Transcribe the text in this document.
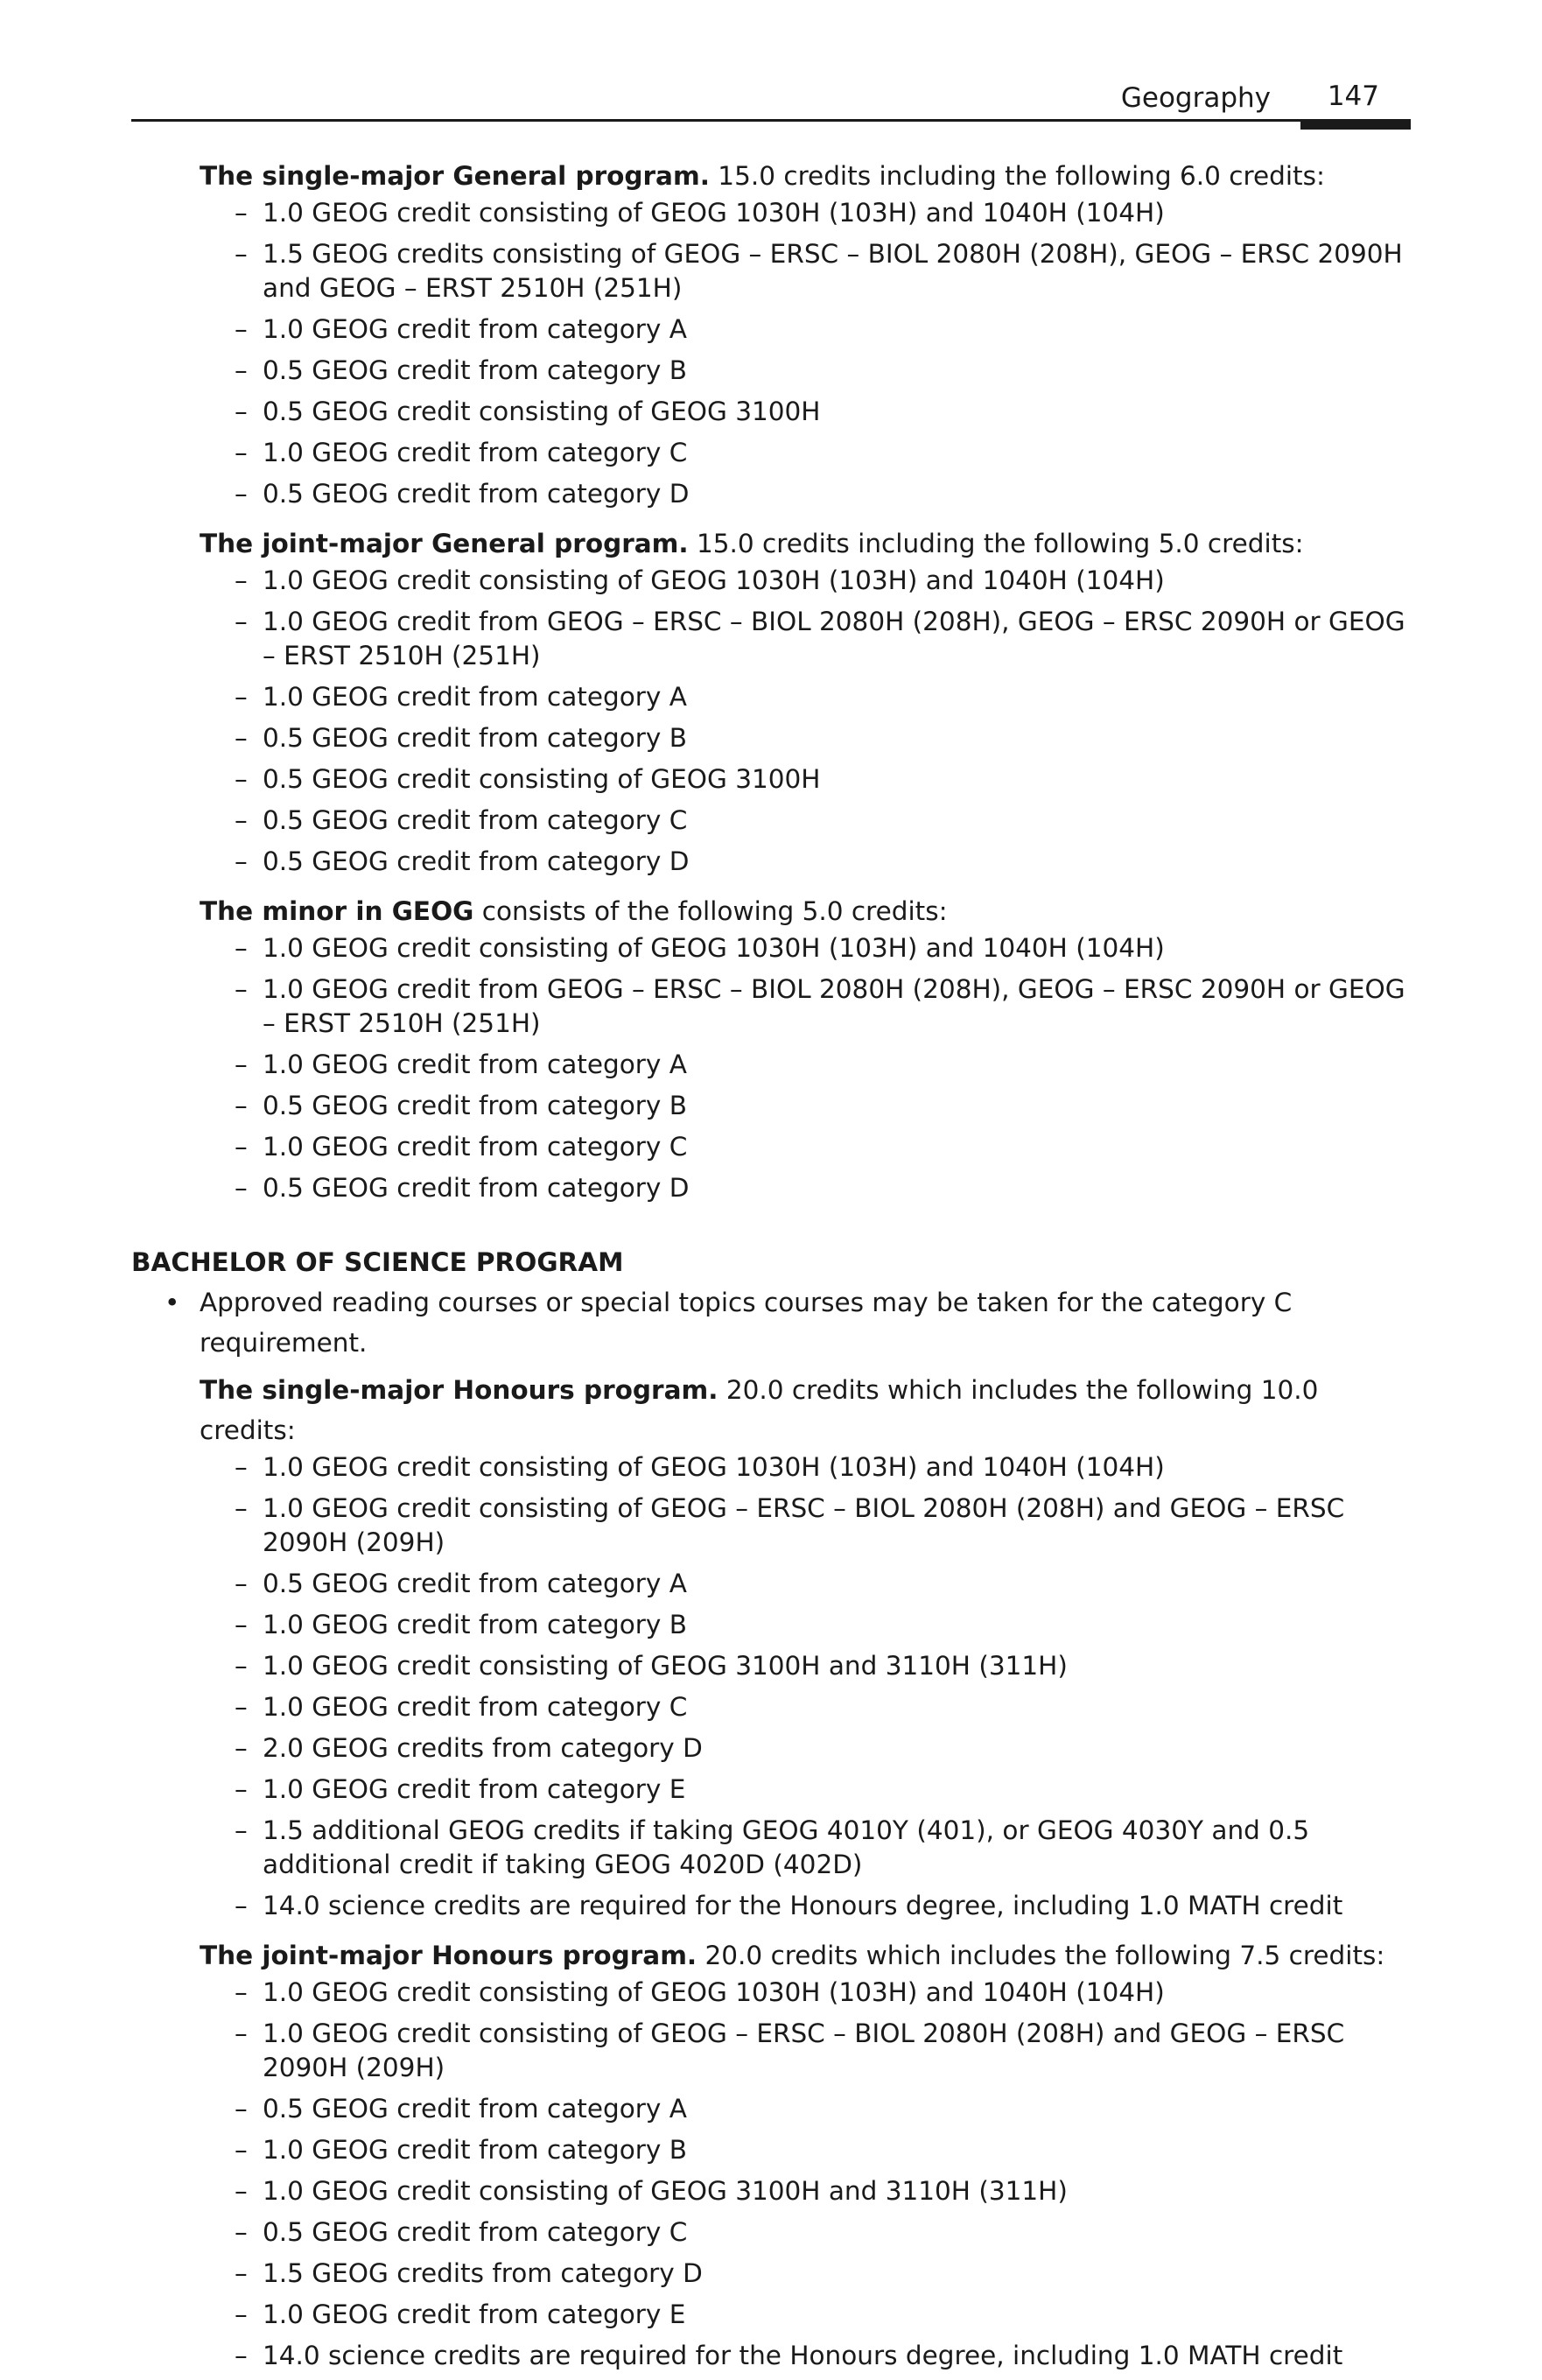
Geography 147
The single-major General program. 15.0 credits including the following 6.0 credits:
– 1.0 GEOG credit consisting of GEOG 1030H (103H) and 1040H (104H)
– 1.5 GEOG credits consisting of GEOG – ERSC – BIOL 2080H (208H), GEOG – ERSC 2090H and GEOG – ERST 2510H (251H)
– 1.0 GEOG credit from category A
– 0.5 GEOG credit from category B
– 0.5 GEOG credit consisting of GEOG 3100H
– 1.0 GEOG credit from category C
– 0.5 GEOG credit from category D
The joint-major General program. 15.0 credits including the following 5.0 credits:
– 1.0 GEOG credit consisting of GEOG 1030H (103H) and 1040H (104H)
– 1.0 GEOG credit from GEOG – ERSC – BIOL 2080H (208H), GEOG – ERSC 2090H or GEOG – ERST 2510H (251H)
– 1.0 GEOG credit from category A
– 0.5 GEOG credit from category B
– 0.5 GEOG credit consisting of GEOG 3100H
– 0.5 GEOG credit from category C
– 0.5 GEOG credit from category D
The minor in GEOG consists of the following 5.0 credits:
– 1.0 GEOG credit consisting of GEOG 1030H (103H) and 1040H (104H)
– 1.0 GEOG credit from GEOG – ERSC – BIOL 2080H (208H), GEOG – ERSC 2090H or GEOG – ERST 2510H (251H)
– 1.0 GEOG credit from category A
– 0.5 GEOG credit from category B
– 1.0 GEOG credit from category C
– 0.5 GEOG credit from category D
BACHELOR OF SCIENCE PROGRAM
• Approved reading courses or special topics courses may be taken for the category C requirement.
The single-major Honours program. 20.0 credits which includes the following 10.0 credits:
– 1.0 GEOG credit consisting of GEOG 1030H (103H) and 1040H (104H)
– 1.0 GEOG credit consisting of GEOG – ERSC – BIOL 2080H (208H) and GEOG – ERSC 2090H (209H)
– 0.5 GEOG credit from category A
– 1.0 GEOG credit from category B
– 1.0 GEOG credit consisting of GEOG 3100H and 3110H (311H)
– 1.0 GEOG credit from category C
– 2.0 GEOG credits from category D
– 1.0 GEOG credit from category E
– 1.5 additional GEOG credits if taking GEOG 4010Y (401), or GEOG 4030Y and 0.5 additional credit if taking GEOG 4020D (402D)
– 14.0 science credits are required for the Honours degree, including 1.0 MATH credit
The joint-major Honours program. 20.0 credits which includes the following 7.5 credits:
– 1.0 GEOG credit consisting of GEOG 1030H (103H) and 1040H (104H)
– 1.0 GEOG credit consisting of GEOG – ERSC – BIOL 2080H (208H) and GEOG – ERSC 2090H (209H)
– 0.5 GEOG credit from category A
– 1.0 GEOG credit from category B
– 1.0 GEOG credit consisting of GEOG 3100H and 3110H (311H)
– 0.5 GEOG credit from category C
– 1.5 GEOG credits from category D
– 1.0 GEOG credit from category E
– 14.0 science credits are required for the Honours degree, including 1.0 MATH credit
